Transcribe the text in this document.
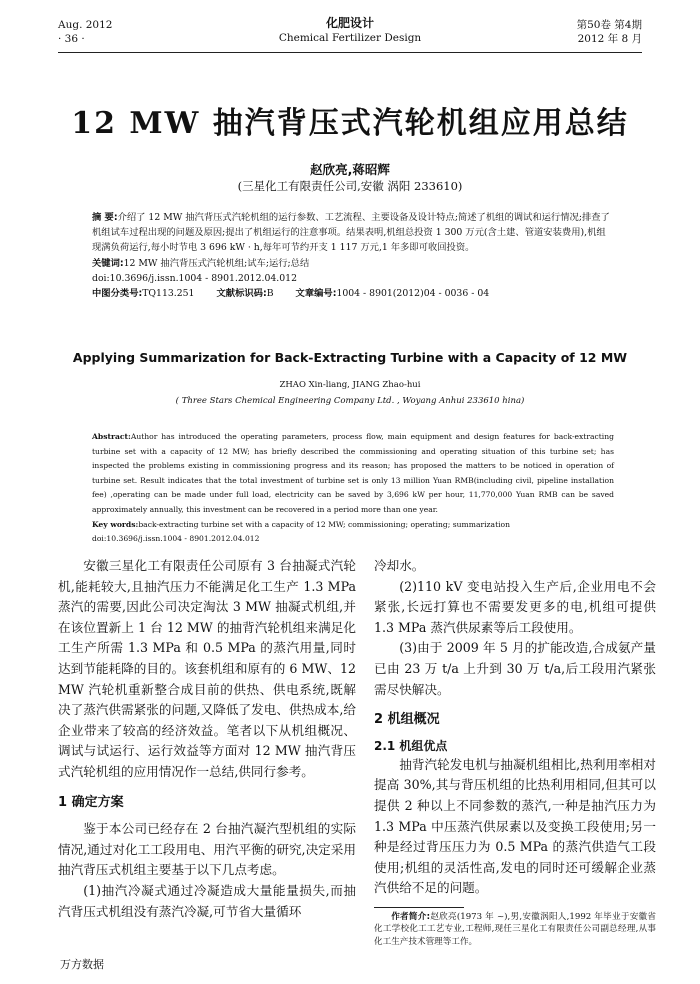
Aug. 2012
· 36 ·
化肥设计
Chemical Fertilizer Design
第50卷 第4期
2012 年 8 月
12 MW 抽汽背压式汽轮机组应用总结
赵欣亮,蒋昭辉
(三星化工有限责任公司,安徽 涡阳 233610)
摘 要:介绍了 12 MW 抽汽背压式汽轮机组的运行参数、工艺流程、主要设备及设计特点;简述了机组的调试和运行情况;排查了机组试车过程出现的问题及原因;提出了机组运行的注意事项。结果表明,机组总投资 1 300 万元(含土建、管道安装费用),机组现满负荷运行,每小时节电 3 696 kW · h,每年可节约开支 1 117 万元,1 年多即可收回投资。
关键词:12 MW 抽汽背压式汽轮机组;试车;运行;总结
doi:10.3696/j.issn.1004 - 8901.2012.04.012
中图分类号:TQ113.251 文献标识码:B 文章编号:1004 - 8901(2012)04 - 0036 - 04
Applying Summarization for Back-Extracting Turbine with a Capacity of 12 MW
ZHAO Xin-liang, JIANG Zhao-hui
( Three Stars Chemical Engineering Company Ltd. , Woyang Anhui 233610 hina)

Abstract:Author has introduced the operating parameters, process flow, main equipment and design features for back-extracting turbine set with a capacity of 12 MW; has briefly described the commissioning and operating situation of this turbine set; has inspected the problems existing in commissioning progress and its reason; has proposed the matters to be noticed in operation of turbine set. Result indicates that the total investment of turbine set is only 13 million Yuan RMB(including civil, pipeline installation fee) ,operating can be made under full load, electricity can be saved by 3,696 kW per hour, 11,770,000 Yuan RMB can be saved approximately annually, this investment can be recovered in a period more than one year.

Key words:back-extracting turbine set with a capacity of 12 MW; commissioning; operating; summarization

doi:10.3696/j.issn.1004 - 8901.2012.04.012

安徽三星化工有限责任公司原有 3 台抽凝式汽轮机,能耗较大,且抽汽压力不能满足化工生产 1.3 MPa 蒸汽的需要,因此公司决定淘汰 3 MW 抽凝式机组,并在该位置新上 1 台 12 MW 的抽背汽轮机组来满足化工生产所需 1.3 MPa 和 0.5 MPa 的蒸汽用量,同时达到节能耗降的目的。该套机组和原有的 6 MW、12 MW 汽轮机重新整合成目前的供热、供电系统,既解决了蒸汽供需紧张的问题,又降低了发电、供热成本,给企业带来了较高的经济效益。笔者以下从机组概况、调试与试运行、运行效益等方面对 12 MW 抽汽背压式汽轮机组的应用情况作一总结,供同行参考。

1 确定方案

鉴于本公司已经存在 2 台抽汽凝汽型机组的实际情况,通过对化工工段用电、用汽平衡的研究,决定采用抽汽背压式机组主要基于以下几点考虑。

(1)抽汽冷凝式通过冷凝造成大量能量损失,而抽汽背压式机组没有蒸汽冷凝,可节省大量循环

冷却水。

(2)110 kV 变电站投入生产后,企业用电不会紧张,长远打算也不需要发更多的电,机组可提供 1.3 MPa 蒸汽供尿素等后工段使用。

(3)由于 2009 年 5 月的扩能改造,合成氨产量已由 23 万 t/a 上升到 30 万 t/a,后工段用汽紧张需尽快解决。

2 机组概况

2.1 机组优点

抽背汽轮发电机与抽凝机组相比,热利用率相对提高 30%,其与背压机组的比热利用相同,但其可以提供 2 种以上不同参数的蒸汽,一种是抽汽压力为 1.3 MPa 中压蒸汽供尿素以及变换工段使用;另一种是经过背压压力为 0.5 MPa 的蒸汽供造气工段使用;机组的灵活性高,发电的同时还可缓解企业蒸汽供给不足的问题。

作者简介:赵欣亮(1973 年 ~),男,安徽涡阳人,1992 年毕业于安徽省化工学校化工工艺专业,工程师,现任三星化工有限责任公司副总经理,从事化工生产技术管理等工作。

万方数据
